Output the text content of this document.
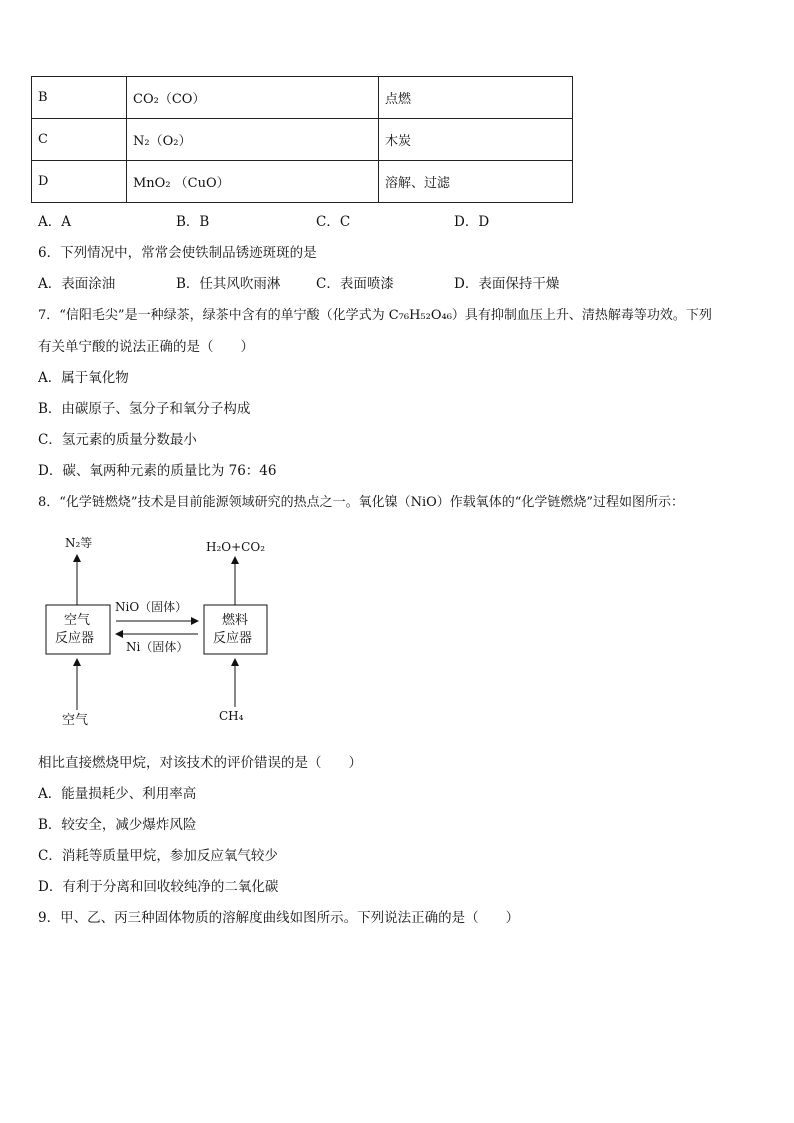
B	CO₂（CO）	点燃
C	N₂（O₂）	木炭
D	MnO₂ （CuO）	溶解、过滤
A．A	B．B	C．C	D．D
6．下列情况中，常常会使铁制品锈迹斑斑的是
A．表面涂油	B．任其风吹雨淋	C．表面喷漆	D．表面保持干燥
7．“信阳毛尖”是一种绿茶，绿茶中含有的单宁酸（化学式为 C₇₆H₅₂O₄₆）具有抑制血压上升、清热解毒等功效。下列
有关单宁酸的说法正确的是（　　）
A．属于氧化物
B．由碳原子、氢分子和氧分子构成
C．氢元素的质量分数最小
D．碳、氧两种元素的质量比为 76：46
8．“化学链燃烧”技术是目前能源领域研究的热点之一。氧化镍（NiO）作载氧体的“化学链燃烧”过程如图所示：
N₂等	H₂O+CO₂
空气
反应器
燃料
反应器
NiO（固体）
Ni（固体）
空气	CH₄
相比直接燃烧甲烷，对该技术的评价错误的是（　　）
A．能量损耗少、利用率高
B．较安全，减少爆炸风险
C．消耗等质量甲烷，参加反应氧气较少
D．有利于分离和回收较纯净的二氧化碳
9．甲、乙、丙三种固体物质的溶解度曲线如图所示。下列说法正确的是（　　）
